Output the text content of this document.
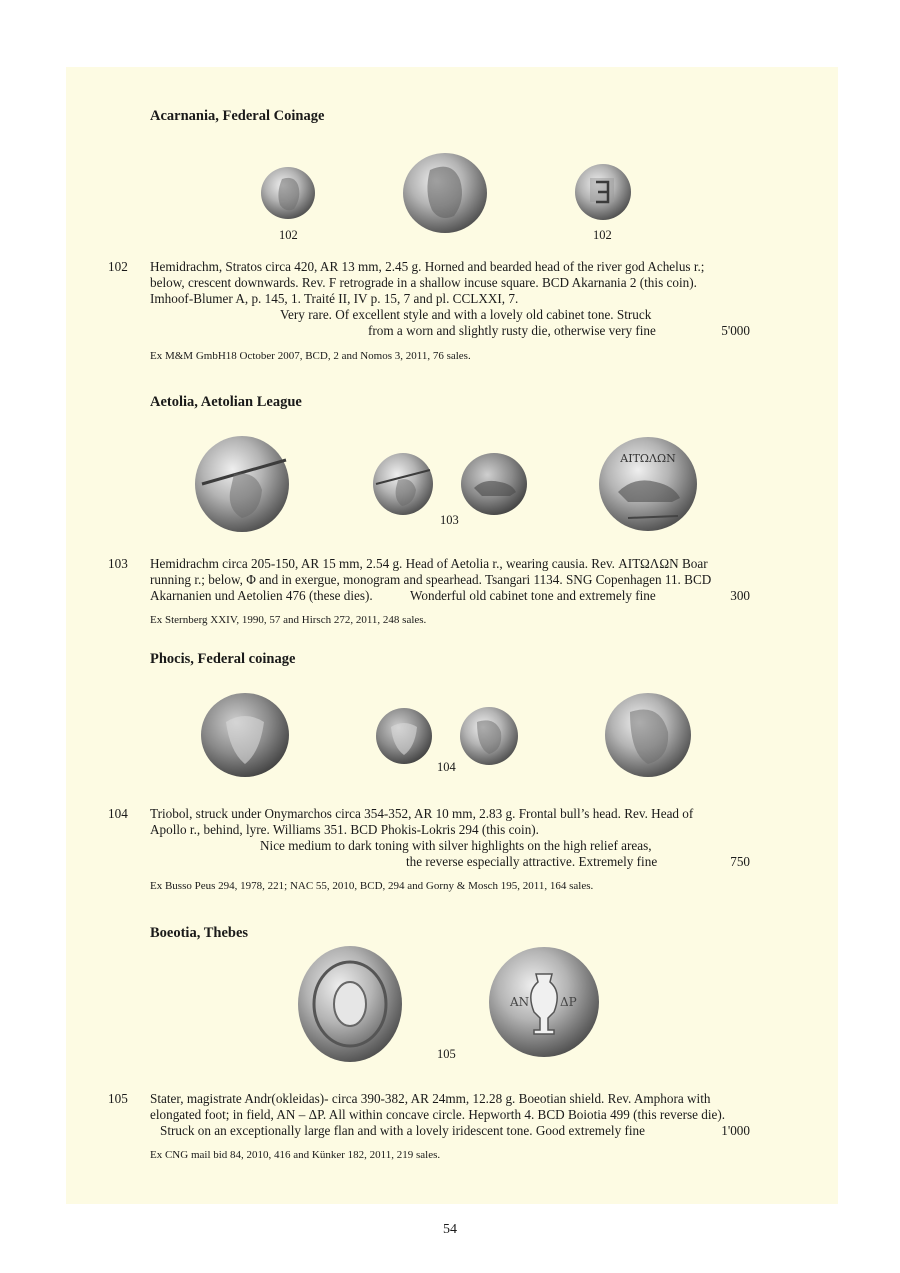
Acarnania, Federal Coinage
102	102
102 Hemidrachm, Stratos circa 420, AR 13 mm, 2.45 g. Horned and bearded head of the river god Achelus r.;
below, crescent downwards. Rev. F retrograde in a shallow incuse square. BCD Akarnania 2 (this coin).
Imhoof-Blumer A, p. 145, 1. Traité II, IV p. 15, 7 and pl. CCLXXI, 7.
Very rare. Of excellent style and with a lovely old cabinet tone. Struck
from a worn and slightly rusty die, otherwise very fine	5'000
Ex M&M GmbH18 October 2007, BCD, 2 and Nomos 3, 2011, 76 sales.
Aetolia, Aetolian League
ΑΙΤΩΛΩΝ
103
103 Hemidrachm circa 205-150, AR 15 mm, 2.54 g. Head of Aetolia r., wearing causia. Rev. ΑΙΤΩΛΩΝ Boar
running r.; below, Φ and in exergue, monogram and spearhead. Tsangari 1134. SNG Copenhagen 11. BCD
Akarnanien und Aetolien 476 (these dies).	Wonderful old cabinet tone and extremely fine	300
Ex Sternberg XXIV, 1990, 57 and Hirsch 272, 2011, 248 sales.
Phocis, Federal coinage
104
104 Triobol, struck under Onymarchos circa 354-352, AR 10 mm, 2.83 g. Frontal bull’s head. Rev. Head of
Apollo r., behind, lyre. Williams 351. BCD Phokis-Lokris 294 (this coin).
Nice medium to dark toning with silver highlights on the high relief areas,
the reverse especially attractive. Extremely fine	750
Ex Busso Peus 294, 1978, 221; NAC 55, 2010, BCD, 294 and Gorny & Mosch 195, 2011, 164 sales.
Boeotia, Thebes
ΑΝ	ΔΡ
105
105 Stater, magistrate Andr(okleidas)- circa 390-382, AR 24mm, 12.28 g. Boeotian shield. Rev. Amphora with
elongated foot; in field, AN – ΔP. All within concave circle. Hepworth 4. BCD Boiotia 499 (this reverse die).
Struck on an exceptionally large flan and with a lovely iridescent tone. Good extremely fine	1'000
Ex CNG mail bid 84, 2010, 416 and Künker 182, 2011, 219 sales.
54
